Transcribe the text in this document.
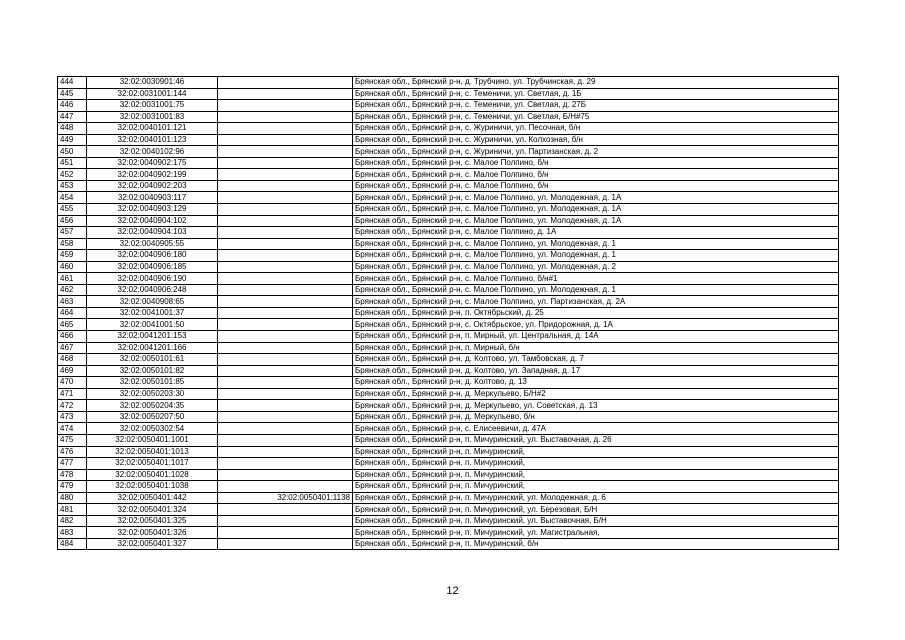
444	32:02:0030901:46		Брянская обл., Брянский р-н, д. Трубчино, ул. Трубчинская, д. 29
445	32:02:0031001:144		Брянская обл., Брянский р-н, с. Теменичи, ул. Светлая, д. 1Б
446	32:02:0031001:75		Брянская обл., Брянский р-н, с. Теменичи, ул. Светлая, д. 27Б
447	32:02:0031001:83		Брянская обл., Брянский р-н, с. Теменичи, ул. Светлая, Б/Н#75
448	32:02:0040101:121		Брянская обл., Брянский р-н, с. Журиничи, ул. Песочная, б/н
449	32:02:0040101:123		Брянская обл., Брянский р-н, с. Журиничи, ул. Колхозная, б/н
450	32:02:0040102:96		Брянская обл., Брянский р-н, с. Журиничи, ул. Партизанская, д. 2
451	32:02:0040902:175		Брянская обл., Брянский р-н, с. Малое Полпино, б/н
452	32:02:0040902:199		Брянская обл., Брянский р-н, с. Малое Полпино, б/н
453	32:02:0040902:203		Брянская обл., Брянский р-н, с. Малое Полпино, б/н
454	32:02:0040903:117		Брянская обл., Брянский р-н, с. Малое Полпино, ул. Молодежная, д. 1А
455	32:02:0040903:129		Брянская обл., Брянский р-н, с. Малое Полпино, ул. Молодежная, д. 1А
456	32:02:0040904:102		Брянская обл., Брянский р-н, с. Малое Полпино, ул. Молодежная, д. 1А
457	32:02:0040904:103		Брянская обл., Брянский р-н, с. Малое Полпино, д. 1А
458	32:02:0040905:55		Брянская обл., Брянский р-н, с. Малое Полпино, ул. Молодежная, д. 1
459	32:02:0040906:180		Брянская обл., Брянский р-н, с. Малое Полпино, ул. Молодежная, д. 1
460	32:02:0040906:185		Брянская обл., Брянский р-н, с. Малое Полпино, ул. Молодежная, д. 2
461	32:02:0040906:190		Брянская обл., Брянский р-н, с. Малое Полпино, б/н#1
462	32:02:0040906:248		Брянская обл., Брянский р-н, с. Малое Полпино, ул. Молодежная, д. 1
463	32:02:0040908:65		Брянская обл., Брянский р-н, с. Малое Полпино, ул. Партизанская, д. 2А
464	32:02:0041001:37		Брянская обл., Брянский р-н, п. Октябрьский, д. 25
465	32:02:0041001:50		Брянская обл., Брянский р-н, с. Октябрьское, ул. Придорожная, д. 1А
466	32:02:0041201:153		Брянская обл., Брянский р-н, п. Мирный, ул. Центральная, д. 14А
467	32:02:0041201:166		Брянская обл., Брянский р-н, п. Мирный, б/н
468	32:02:0050101:61		Брянская обл., Брянский р-н, д. Колтово, ул. Тамбовская, д. 7
469	32:02:0050101:82		Брянская обл., Брянский р-н, д. Колтово, ул. Западная, д. 17
470	32:02:0050101:85		Брянская обл., Брянский р-н, д. Колтово, д. 13
471	32:02:0050203:30		Брянская обл., Брянский р-н, д. Меркульево, Б/Н#2
472	32:02:0050204:35		Брянская обл., Брянский р-н, д. Меркульево, ул. Советская, д. 13
473	32:02:0050207:50		Брянская обл., Брянский р-н, д. Меркульево, б/н
474	32:02:0050302:54		Брянская обл., Брянский р-н, с. Елисеевичи, д. 47А
475	32:02:0050401:1001		Брянская обл., Брянский р-н, п. Мичуринский, ул. Выставочная, д. 26
476	32:02:0050401:1013		Брянская обл., Брянский р-н, п. Мичуринский,
477	32:02:0050401:1017		Брянская обл., Брянский р-н, п. Мичуринский,
478	32:02:0050401:1028		Брянская обл., Брянский р-н, п. Мичуринский,
479	32:02:0050401:1038		Брянская обл., Брянский р-н, п. Мичуринский,
480	32:02:0050401:442	32:02:0050401:1138	Брянская обл., Брянский р-н, п. Мичуринский, ул. Молодежная, д. 6
481	32:02:0050401:324		Брянская обл., Брянский р-н, п. Мичуринский, ул. Березовая, Б/Н
482	32:02:0050401:325		Брянская обл., Брянский р-н, п. Мичуринский, ул. Выставочная, Б/Н
483	32:02:0050401:326		Брянская обл., Брянский р-н, п. Мичуринский, ул. Магистральная,
484	32:02:0050401:327		Брянская обл., Брянский р-н, п. Мичуринский, б/н
12
